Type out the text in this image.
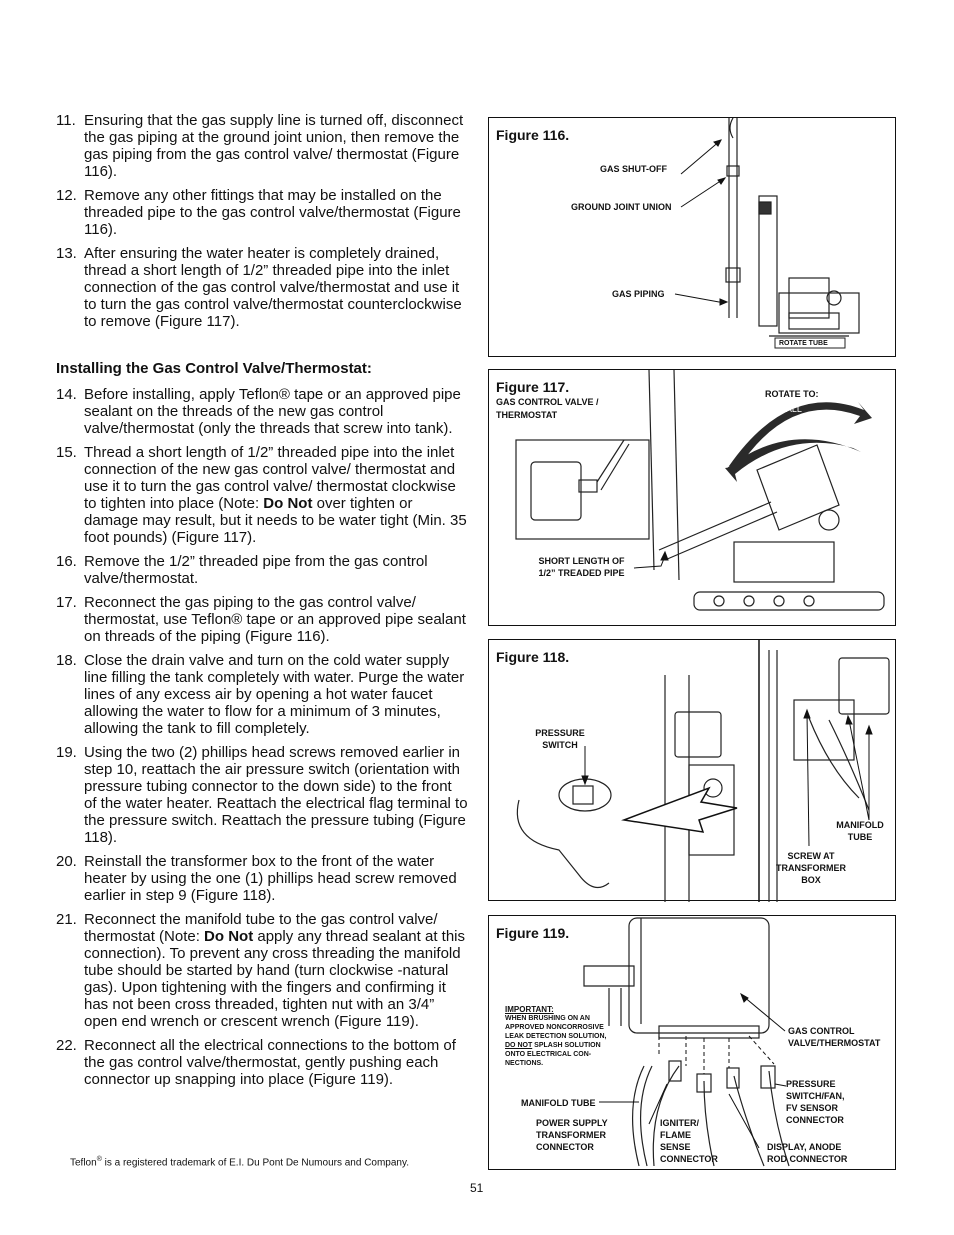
11. Ensuring that the gas supply line is turned off, disconnect the gas piping at the ground joint union, then remove the gas piping from the gas control valve/ thermostat (Figure 116).
12. Remove any other fittings that may be installed on the threaded pipe to the gas control valve/thermostat (Figure 116).
13. After ensuring the water heater is completely drained, thread a short length of 1/2” threaded pipe into the inlet connection of the gas control valve/thermostat and use it to turn the gas control valve/thermostat counterclockwise to remove (Figure 117).
Installing the Gas Control Valve/Thermostat:
14. Before installing, apply Teflon® tape or an approved pipe sealant on the threads of the new gas control valve/thermostat (only the threads that screw into tank).
15. Thread a short length of 1/2” threaded pipe into the inlet connection of the new gas control valve/ thermostat and use it to turn the gas control valve/ thermostat clockwise to tighten into place (Note: Do Not over tighten or damage may result, but it needs to be water tight (Min. 35 foot pounds) (Figure 117).
16. Remove the 1/2” threaded pipe from the gas control valve/thermostat.
17. Reconnect the gas piping to the gas control valve/ thermostat, use Teflon® tape or an approved pipe sealant on threads of the piping (Figure 116).
18. Close the drain valve and turn on the cold water supply line filling the tank completely with water. Purge the water lines of any excess air by opening a hot water faucet allowing the water to flow for a minimum of 3 minutes, allowing the tank to fill completely.
19. Using the two (2) phillips head screws removed earlier in step 10, reattach the air pressure switch (orientation with pressure tubing connector to the down side) to the front of the water heater. Reattach the electrical flag terminal to the pressure switch. Reattach the pressure tubing (Figure 118).
20. Reinstall the transformer box to the front of the water heater by using the one (1) phillips head screw removed earlier in step 9 (Figure 118).
21. Reconnect the manifold tube to the gas control valve/ thermostat (Note: Do Not apply any thread sealant at this connection). To prevent any cross threading the manifold tube should be started by hand (turn clockwise -natural gas). Upon tightening with the fingers and confirming it has not been cross threaded, tighten nut with an 3/4” open end wrench or crescent wrench (Figure 119).
22. Reconnect all the electrical connections to the bottom of the gas control valve/thermostat, gently pushing each connector up snapping into place (Figure 119).
Teflon® is a registered trademark of E.I. Du Pont De Numours and Company.
51
Figure 116.
GAS SHUT-OFF
GROUND JOINT UNION
GAS PIPING
ROTATE TUBE
Figure 117.
GAS CONTROL VALVE /
THERMOSTAT
ROTATE TO:
INSTALL
REMOVE
SHORT LENGTH OF
1/2” TREADED PIPE
Figure 118.
PRESSURE
SWITCH
MANIFOLD
TUBE
SCREW AT
TRANSFORMER
BOX
Figure 119.
IMPORTANT:
WHEN BRUSHING ON AN
APPROVED NONCORROSIVE
LEAK DETECTION SOLUTION,
DO NOT SPLASH SOLUTION
ONTO ELECTRICAL CON-
NECTIONS.
GAS CONTROL
VALVE/THERMOSTAT
MANIFOLD TUBE
POWER SUPPLY
TRANSFORMER
CONNECTOR
IGNITER/
FLAME
SENSE
CONNECTOR
PRESSURE
SWITCH/FAN,
FV SENSOR
CONNECTOR
DISPLAY, ANODE
ROD CONNECTOR
